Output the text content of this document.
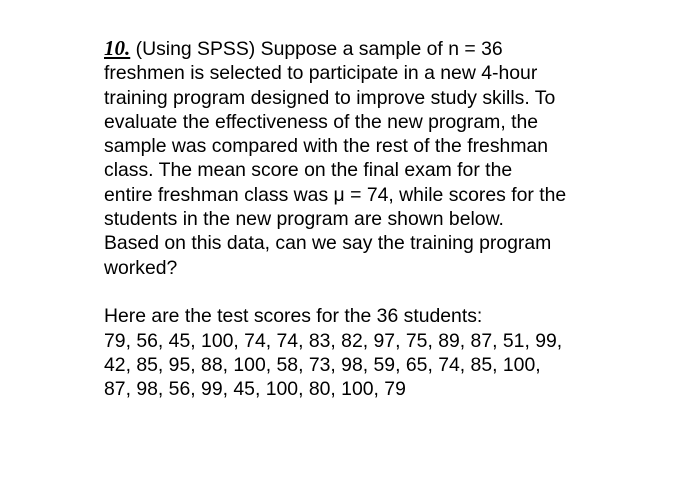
10. (Using SPSS) Suppose a sample of n = 36
freshmen is selected to participate in a new 4-hour
training program designed to improve study skills. To
evaluate the effectiveness of the new program, the
sample was compared with the rest of the freshman
class. The mean score on the final exam for the
entire freshman class was μ = 74, while scores for the
students in the new program are shown below.

Based on this data, can we say the training program
worked?

Here are the test scores for the 36 students:

79, 56, 45, 100, 74, 74, 83, 82, 97, 75, 89, 87, 51, 99,
42, 85, 95, 88, 100, 58, 73, 98, 59, 65, 74, 85, 100,
87, 98, 56, 99, 45, 100, 80, 100, 79
